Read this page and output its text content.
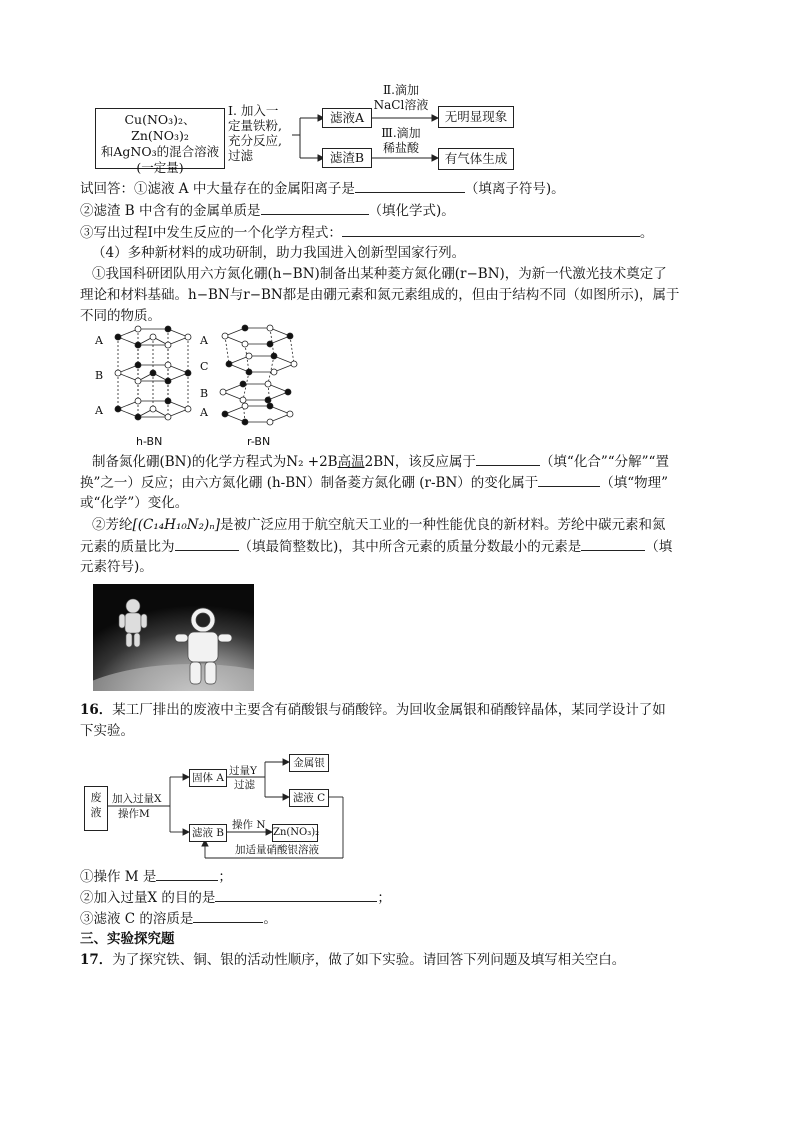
Cu(NO₃)₂、Zn(NO₃)₂
和AgNO₃的混合溶液
(一定量)
Ⅰ. 加入一
定量铁粉,
充分反应,
过滤
滤液A
滤渣B
Ⅱ.滴加
NaCl溶液
Ⅲ.滴加
稀盐酸
无明显现象
有气体生成
试回答：①滤液 A 中大量存在的金属阳离子是	（填离子符号)。
②滤渣 B 中含有的金属单质是	（填化学式)。
③写出过程Ⅰ中发生反应的一个化学方程式：	。
（4）多种新材料的成功研制，助力我国进入创新型国家行列。
①我国科研团队用六方氮化硼(h−BN)制备出某种菱方氮化硼(r−BN)，为新一代激光技术奠定了
理论和材料基础。h−BN与r−BN都是由硼元素和氮元素组成的，但由于结构不同（如图所示)，属于
不同的物质。
A
B
A
h-BN
A
C
B
A
r-BN
制备氮化硼(BN)的化学方程式为N₂ +2B高温2BN，该反应属于	（填“化合”“分解”“置
换”之一）反应；由六方氮化硼 (h-BN）制备菱方氮化硼 (r-BN）的变化属于	（填“物理”
或“化学”）变化。
②芳纶[(C₁₄H₁₀N₂)ₙ]是被广泛应用于航空航天工业的一种性能优良的新材料。芳纶中碳元素和氮
元素的质量比为	（填最简整数比)，其中所含元素的质量分数最小的元素是	（填
元素符号)。
16．某工厂排出的废液中主要含有硝酸银与硝酸锌。为回收金属银和硝酸锌晶体，某同学设计了如
下实验。
废
液
加入过量X
操作M
固体 A
过量Y
过滤
金属银
滤液 C
滤液 B
操作 N
Zn(NO₃)₂
加适量硝酸银溶液
①操作 M 是	；
②加入过量X 的目的是	；
③滤液 C 的溶质是	。
三、实验探究题
17．为了探究铁、铜、银的活动性顺序，做了如下实验。请回答下列问题及填写相关空白。
